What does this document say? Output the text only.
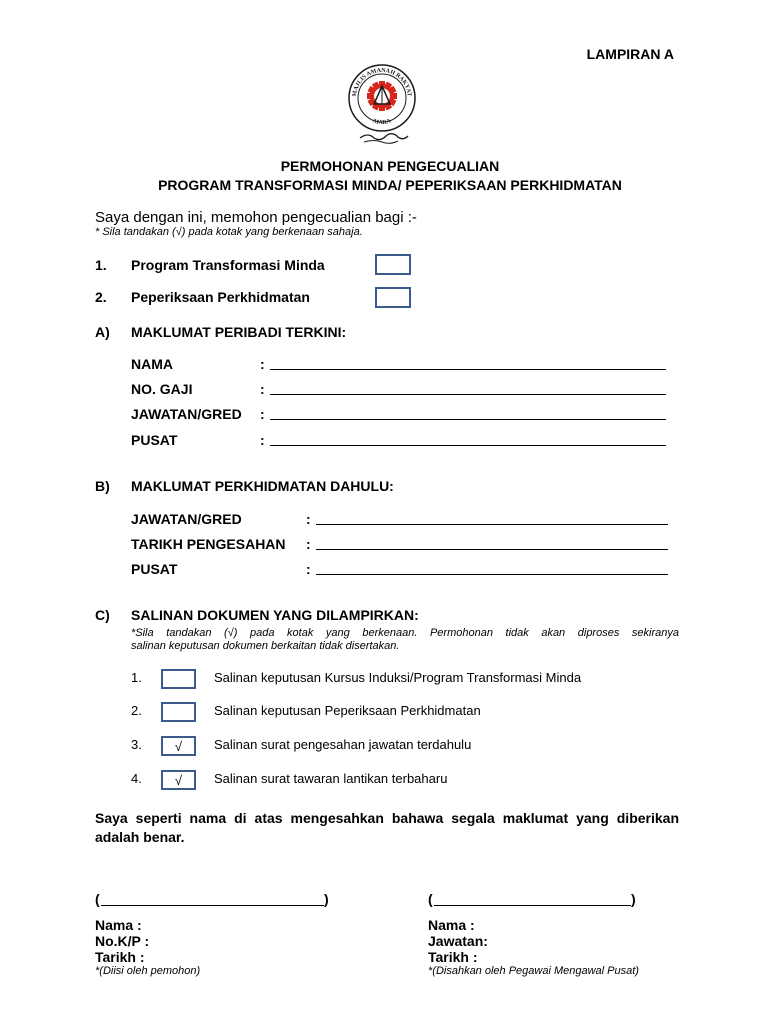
LAMPIRAN A
MAJLIS AMANAH RAKYAT
MARA
PERMOHONAN PENGECUALIAN
PROGRAM TRANSFORMASI MINDA/ PEPERIKSAAN PERKHIDMATAN
Saya dengan ini, memohon pengecualian bagi :-
* Sila tandakan (√) pada kotak yang berkenaan sahaja.
1. Program Transformasi Minda
2. Peperiksaan Perkhidmatan
A) MAKLUMAT PERIBADI TERKINI:
NAMA	:
NO. GAJI	:
JAWATAN/GRED :
PUSAT	:
B) MAKLUMAT PERKHIDMATAN DAHULU:
JAWATAN/GRED	:
TARIKH PENGESAHAN :
PUSAT	:
C) SALINAN DOKUMEN YANG DILAMPIRKAN:
*Sila tandakan (√) pada kotak yang berkenaan. Permohonan tidak akan diproses sekiranya
salinan keputusan dokumen berkaitan tidak disertakan.
1.	Salinan keputusan Kursus Induksi/Program Transformasi Minda
2.	Salinan keputusan Peperiksaan Perkhidmatan
3.	√	Salinan surat pengesahan jawatan terdahulu
4.	√	Salinan surat tawaran lantikan terbaharu
Saya seperti nama di atas mengesahkan bahawa segala maklumat yang diberikan adalah benar.
(	)	(	)
Nama :
No.K/P :
Tarikh :
*(Diisi oleh pemohon)
Nama :
Jawatan:
Tarikh :
*(Disahkan oleh Pegawai Mengawal Pusat)
